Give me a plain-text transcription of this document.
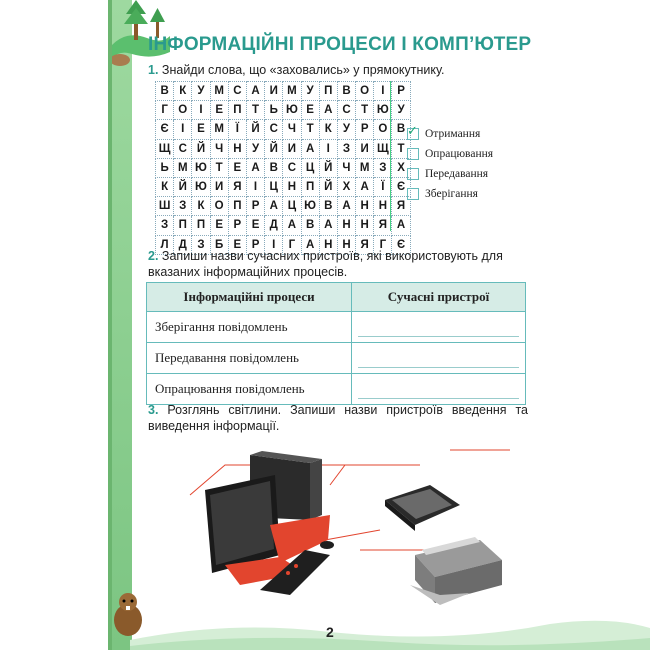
ІНФОРМАЦІЙНІ ПРОЦЕСИ І КОМП’ЮТЕР
1. Знайди слова, що «заховались» у прямокутнику.
В	К	У	М	С	А	И	М	У	П	В	О	І	Р
Г	О	І	Е	П	Т	Ь	Ю	Е	А	С	Т	Ю	У
Є	І	Е	М	Ї	Й	С	Ч	Т	К	У	Р	О	В
Щ	С	Й	Ч	Н	У	Й	И	А	І	З	И	Щ	Т
Ь	М	Ю	Т	Е	А	В	С	Ц	Й	Ч	М	З	Х
К	Й	Ю	И	Я	І	Ц	Н	П	Й	Х	А	Ї	Є
Ш	З	К	О	П	Р	А	Ц	Ю	В	А	Н	Н	Я
З	П	П	Е	Р	Е	Д	А	В	А	Н	Н	Я	А
Л	Д	З	Б	Е	Р	І	Г	А	Н	Н	Я	Г	Є
✓ Отримання
Опрацювання
Передавання
Зберігання
2. Запиши назви сучасних пристроїв, які використовують для вказаних інформаційних процесів.
Інформаційні процеси	Сучасні пристрої
Зберігання повідомлень	

Передавання повідомлень	

Опрацювання повідомлень	
3. Розглянь світлини. Запиши назви пристроїв введення та виведення інформації.
2
